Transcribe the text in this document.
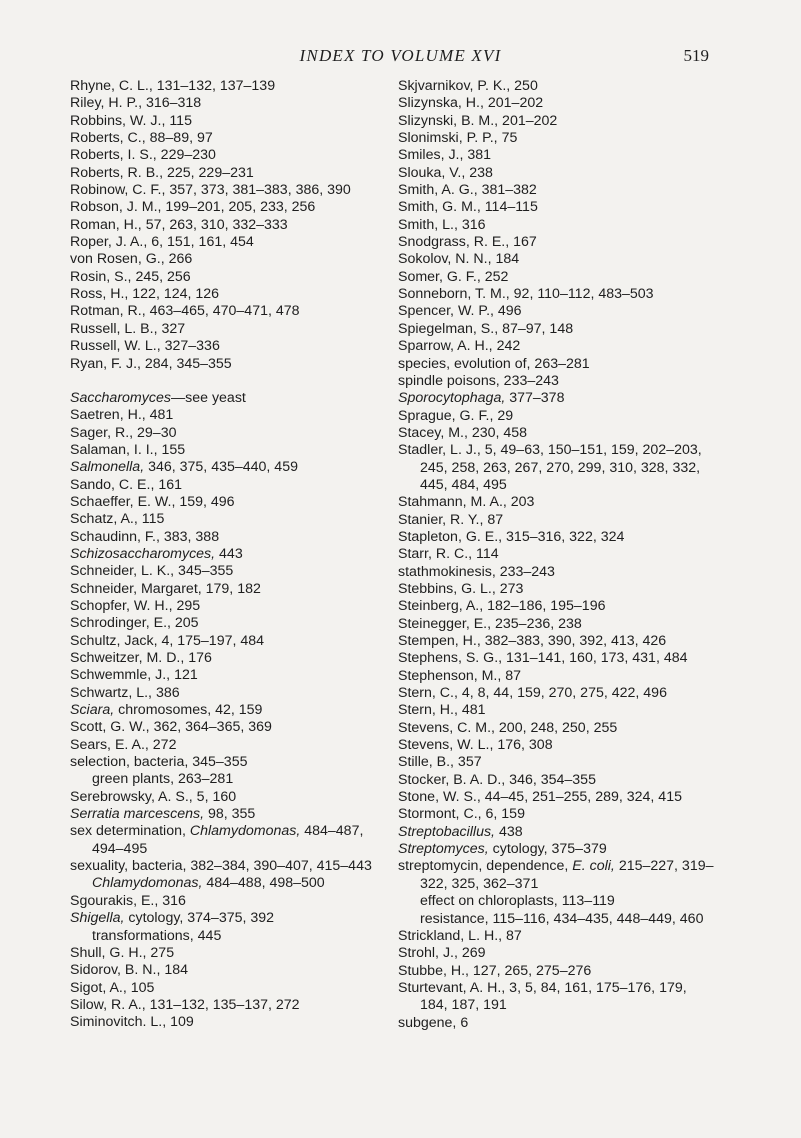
INDEX TO VOLUME XVI	519
Rhyne, C. L., 131–132, 137–139
Riley, H. P., 316–318
Robbins, W. J., 115
Roberts, C., 88–89, 97
Roberts, I. S., 229–230
Roberts, R. B., 225, 229–231
Robinow, C. F., 357, 373, 381–383, 386, 390
Robson, J. M., 199–201, 205, 233, 256
Roman, H., 57, 263, 310, 332–333
Roper, J. A., 6, 151, 161, 454
von Rosen, G., 266
Rosin, S., 245, 256
Ross, H., 122, 124, 126
Rotman, R., 463–465, 470–471, 478
Russell, L. B., 327
Russell, W. L., 327–336
Ryan, F. J., 284, 345–355
Saccharomyces—see yeast
Saetren, H., 481
Sager, R., 29–30
Salaman, I. I., 155
Salmonella, 346, 375, 435–440, 459
Sando, C. E., 161
Schaeffer, E. W., 159, 496
Schatz, A., 115
Schaudinn, F., 383, 388
Schizosaccharomyces, 443
Schneider, L. K., 345–355
Schneider, Margaret, 179, 182
Schopfer, W. H., 295
Schrodinger, E., 205
Schultz, Jack, 4, 175–197, 484
Schweitzer, M. D., 176
Schwemmle, J., 121
Schwartz, L., 386
Sciara, chromosomes, 42, 159
Scott, G. W., 362, 364–365, 369
Sears, E. A., 272
selection, bacteria, 345–355
green plants, 263–281
Serebrowsky, A. S., 5, 160
Serratia marcescens, 98, 355
sex determination, Chlamydomonas, 484–487, 494–495
sexuality, bacteria, 382–384, 390–407, 415–443
Chlamydomonas, 484–488, 498–500
Sgourakis, E., 316
Shigella, cytology, 374–375, 392
transformations, 445
Shull, G. H., 275
Sidorov, B. N., 184
Sigot, A., 105
Silow, R. A., 131–132, 135–137, 272
Siminovitch. L., 109
Skjvarnikov, P. K., 250
Slizynska, H., 201–202
Slizynski, B. M., 201–202
Slonimski, P. P., 75
Smiles, J., 381
Slouka, V., 238
Smith, A. G., 381–382
Smith, G. M., 114–115
Smith, L., 316
Snodgrass, R. E., 167
Sokolov, N. N., 184
Somer, G. F., 252
Sonneborn, T. M., 92, 110–112, 483–503
Spencer, W. P., 496
Spiegelman, S., 87–97, 148
Sparrow, A. H., 242
species, evolution of, 263–281
spindle poisons, 233–243
Sporocytophaga, 377–378
Sprague, G. F., 29
Stacey, M., 230, 458
Stadler, L. J., 5, 49–63, 150–151, 159, 202–203, 245, 258, 263, 267, 270, 299, 310, 328, 332, 445, 484, 495
Stahmann, M. A., 203
Stanier, R. Y., 87
Stapleton, G. E., 315–316, 322, 324
Starr, R. C., 114
stathmokinesis, 233–243
Stebbins, G. L., 273
Steinberg, A., 182–186, 195–196
Steinegger, E., 235–236, 238
Stempen, H., 382–383, 390, 392, 413, 426
Stephens, S. G., 131–141, 160, 173, 431, 484
Stephenson, M., 87
Stern, C., 4, 8, 44, 159, 270, 275, 422, 496
Stern, H., 481
Stevens, C. M., 200, 248, 250, 255
Stevens, W. L., 176, 308
Stille, B., 357
Stocker, B. A. D., 346, 354–355
Stone, W. S., 44–45, 251–255, 289, 324, 415
Stormont, C., 6, 159
Streptobacillus, 438
Streptomyces, cytology, 375–379
streptomycin, dependence, E. coli, 215–227, 319–322, 325, 362–371
effect on chloroplasts, 113–119
resistance, 115–116, 434–435, 448–449, 460
Strickland, L. H., 87
Strohl, J., 269
Stubbe, H., 127, 265, 275–276
Sturtevant, A. H., 3, 5, 84, 161, 175–176, 179, 184, 187, 191
subgene, 6
